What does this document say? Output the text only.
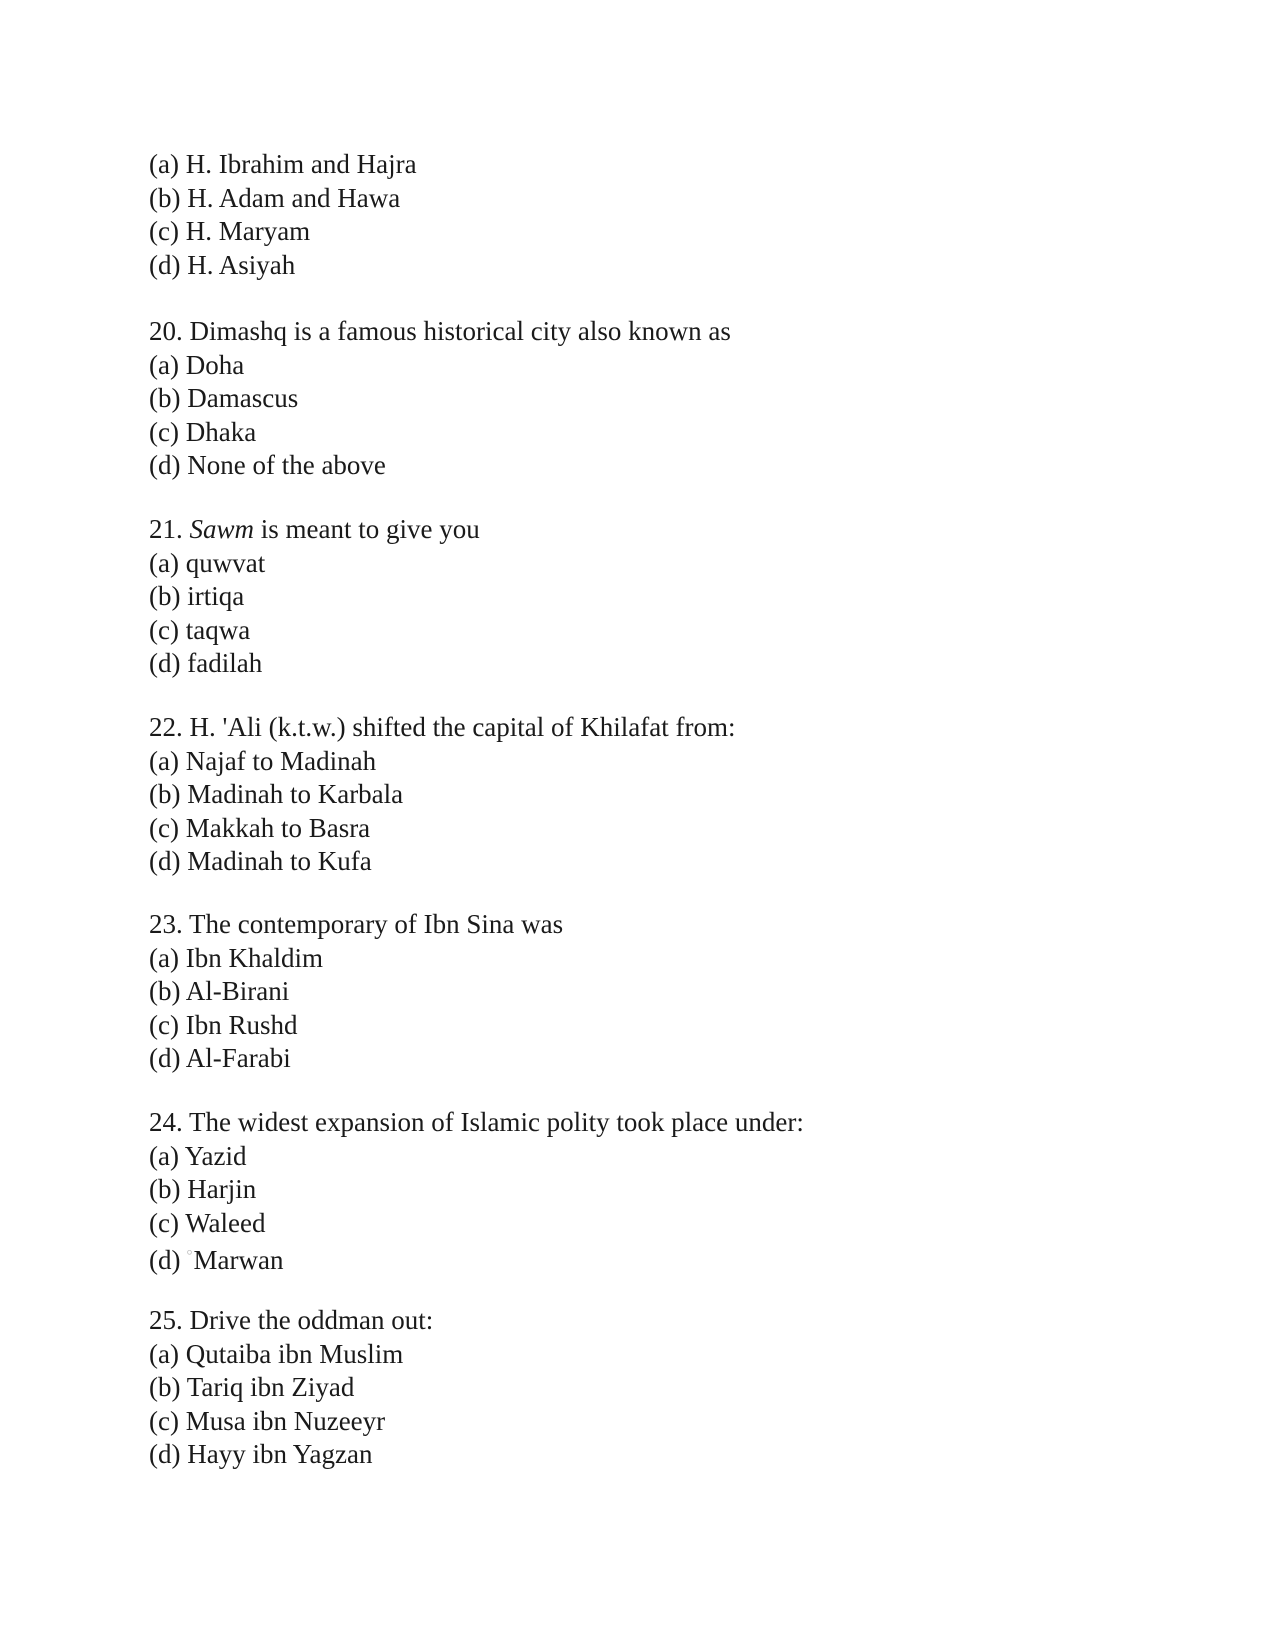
(a) H. Ibrahim and Hajra
(b) H. Adam and Hawa
(c) H. Maryam
(d) H. Asiyah
20. Dimashq is a famous historical city also known as
(a) Doha
(b) Damascus
(c) Dhaka
(d) None of the above
21. Sawm is meant to give you
(a) quwvat
(b) irtiqa
(c) taqwa
(d) fadilah
22. H. 'Ali (k.t.w.) shifted the capital of Khilafat from:
(a) Najaf to Madinah
(b) Madinah to Karbala
(c) Makkah to Basra
(d) Madinah to Kufa
23. The contemporary of Ibn Sina was
(a) Ibn Khaldim
(b) Al-Birani
(c) Ibn Rushd
(d) Al-Farabi
24. The widest expansion of Islamic polity took place under:
(a) Yazid
(b) Harjin
(c) Waleed
(d) °Marwan
25. Drive the oddman out:
(a) Qutaiba ibn Muslim
(b) Tariq ibn Ziyad
(c) Musa ibn Nuzeeyr
(d) Hayy ibn Yagzan
